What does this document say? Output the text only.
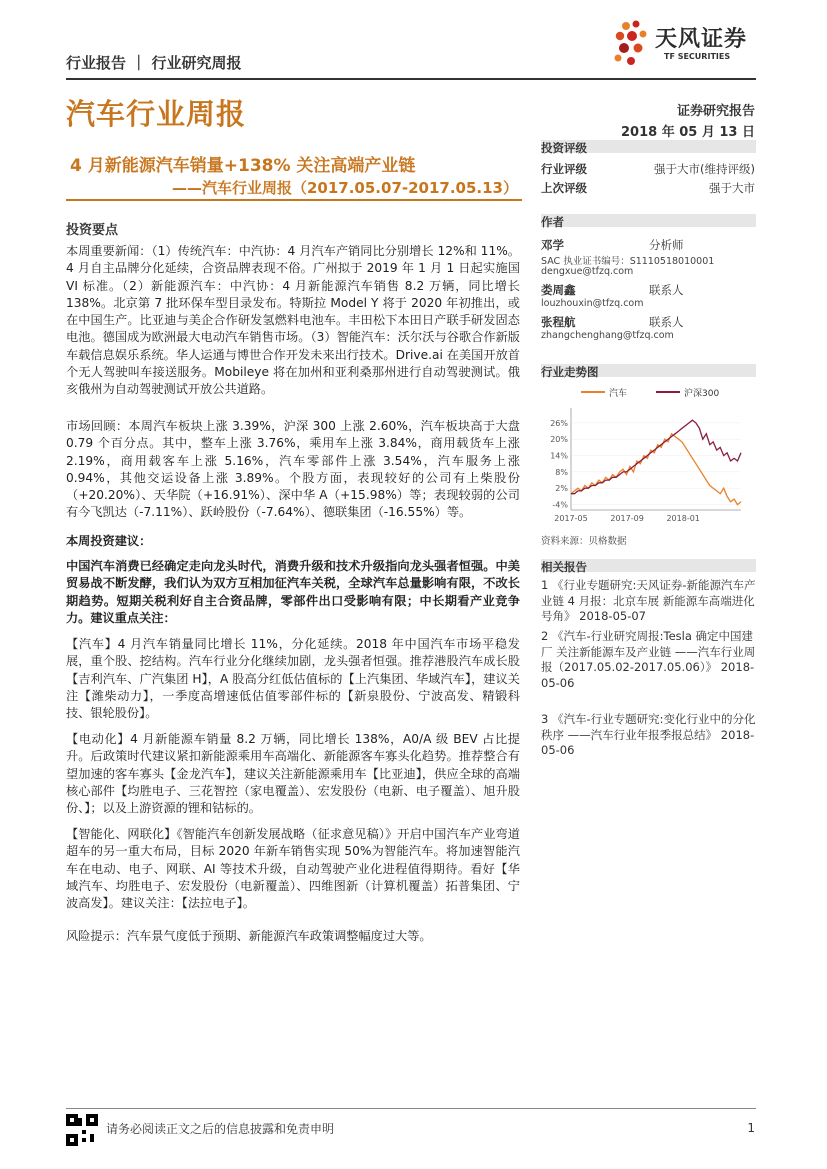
天风证券
TF SECURITIES
行业报告 ｜ 行业研究周报
汽车行业周报	证券研究报告
2018 年 05 月 13 日
4 月新能源汽车销量+138% 关注高端产业链
——汽车行业周报（2017.05.07-2017.05.13）
投资要点
本周重要新闻：（1）传统汽车：中汽协：4 月汽车产销同比分别增长 12%和 11%。4 月自主品牌分化延续，合资品牌表现不俗。广州拟于 2019 年 1 月 1 日起实施国 VI 标准。（2）新能源汽车：中汽协：4 月新能源汽车销售 8.2 万辆，同比增长 138%。北京第 7 批环保车型目录发布。特斯拉 Model Y 将于 2020 年初推出，或在中国生产。比亚迪与美企合作研发氢燃料电池车。丰田松下本田日产联手研发固态电池。德国成为欧洲最大电动汽车销售市场。（3）智能汽车：沃尔沃与谷歌合作新版车载信息娱乐系统。华人运通与博世合作开发未来出行技术。Drive.ai 在美国开放首个无人驾驶叫车接送服务。Mobileye 将在加州和亚利桑那州进行自动驾驶测试。俄亥俄州为自动驾驶测试开放公共道路。
市场回顾：本周汽车板块上涨 3.39%，沪深 300 上涨 2.60%，汽车板块高于大盘 0.79 个百分点。其中，整车上涨 3.76%，乘用车上涨 3.84%，商用载货车上涨 2.19%，商用载客车上涨 5.16%，汽车零部件上涨 3.54%，汽车服务上涨 0.94%，其他交运设备上涨 3.89%。个股方面，表现较好的公司有上柴股份（+20.20%）、天华院（+16.91%）、深中华 A（+15.98%）等；表现较弱的公司有今飞凯达（-7.11%）、跃岭股份（-7.64%）、德联集团（-16.55%）等。
本周投资建议：
中国汽车消费已经确定走向龙头时代，消费升级和技术升级指向龙头强者恒强。中美贸易战不断发酵，我们认为双方互相加征汽车关税，全球汽车总量影响有限，不改长期趋势。短期关税利好自主合资品牌，零部件出口受影响有限；中长期看产业竞争力。建议重点关注：
【汽车】4 月汽车销量同比增长 11%，分化延续。2018 年中国汽车市场平稳发展，重个股、挖结构。汽车行业分化继续加剧，龙头强者恒强。推荐港股汽车成长股【吉利汽车、广汽集团 H】，A 股高分红低估值标的【上汽集团、华域汽车】，建议关注【潍柴动力】，一季度高增速低估值零部件标的【新泉股份、宁波高发、精锻科技、银轮股份】。
【电动化】4 月新能源车销量 8.2 万辆，同比增长 138%，A0/A 级 BEV 占比提升。后政策时代建议紧扣新能源乘用车高端化、新能源客车寡头化趋势。推荐整合有望加速的客车寡头【金龙汽车】，建议关注新能源乘用车【比亚迪】，供应全球的高端核心部件【均胜电子、三花智控（家电覆盖）、宏发股份（电新、电子覆盖）、旭升股份、】；以及上游资源的锂和钴标的。
【智能化、网联化】《智能汽车创新发展战略（征求意见稿）》开启中国汽车产业弯道超车的另一重大布局，目标 2020 年新车销售实现 50%为智能汽车。将加速智能汽车在电动、电子、网联、AI 等技术升级，自动驾驶产业化进程值得期待。看好【华域汽车、均胜电子、宏发股份（电新覆盖）、四维图新（计算机覆盖）拓普集团、宁波高发】。建议关注：【法拉电子】。
风险提示：汽车景气度低于预期、新能源汽车政策调整幅度过大等。
投资评级
行业评级	强于大市(维持评级)
上次评级	强于大市
作者
邓学	分析师
SAC 执业证书编号：S1110518010001
dengxue@tfzq.com
娄周鑫	联系人
louzhouxin@tfzq.com
张程航	联系人
zhangchenghang@tfzq.com
行业走势图
汽车	沪深300
-4%
2%
8%
14%
20%
26%
2017-05	2017-09	2018-01
资料来源：贝格数据
相关报告
1 《行业专题研究:天风证券-新能源汽车产业链 4 月报：北京车展 新能源车高端进化号角》 2018-05-07
2 《汽车-行业研究周报:Tesla 确定中国建厂 关注新能源车及产业链 ——汽车行业周报（2017.05.02-2017.05.06）》 2018-05-06
3 《汽车-行业专题研究:变化行业中的分化秩序 ——汽车行业年报季报总结》 2018-05-06
请务必阅读正文之后的信息披露和免责申明	1
